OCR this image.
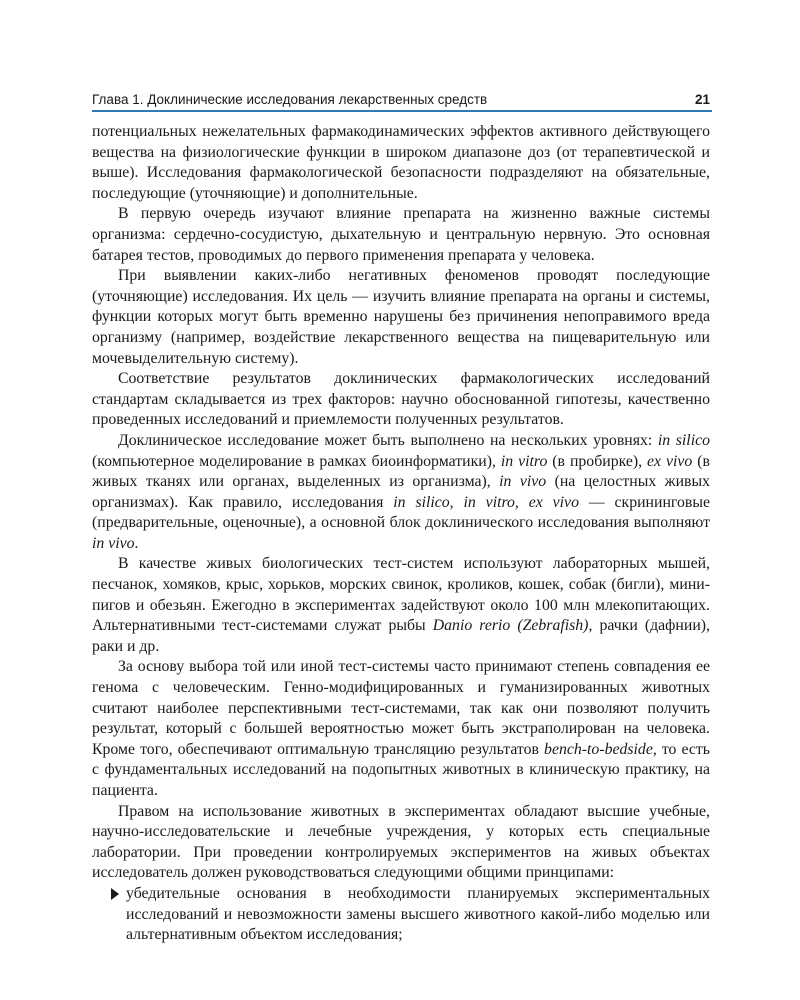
Глава 1. Доклинические исследования лекарственных средств	21

потенциальных нежелательных фармакодинамических эффектов активного действующего вещества на физиологические функции в широком диапазоне доз (от терапевтической и выше). Исследования фармакологической безопасности подразделяют на обязательные, последующие (уточняющие) и дополнительные.

В первую очередь изучают влияние препарата на жизненно важные системы организма: сердечно-сосудистую, дыхательную и центральную нервную. Это основная батарея тестов, проводимых до первого применения препарата у человека.

При выявлении каких-либо негативных феноменов проводят последующие (уточняющие) исследования. Их цель — изучить влияние препарата на органы и системы, функции которых могут быть временно нарушены без причинения непоправимого вреда организму (например, воздействие лекарственного вещества на пищеварительную или мочевыделительную систему).

Соответствие результатов доклинических фармакологических исследований стандартам складывается из трех факторов: научно обоснованной гипотезы, качественно проведенных исследований и приемлемости полученных результатов.

Доклиническое исследование может быть выполнено на нескольких уровнях: in silico (компьютерное моделирование в рамках биоинформатики), in vitro (в пробирке), ex vivo (в живых тканях или органах, выделенных из организма), in vivo (на целостных живых организмах). Как правило, исследования in silico, in vitro, ex vivo — скрининговые (предварительные, оценочные), а основной блок доклинического исследования выполняют in vivo.

В качестве живых биологических тест-систем используют лабораторных мышей, песчанок, хомяков, крыс, хорьков, морских свинок, кроликов, кошек, собак (бигли), мини-пигов и обезьян. Ежегодно в экспериментах задействуют около 100 млн млекопитающих. Альтернативными тест-системами служат рыбы Danio rerio (Zebrafish), рачки (дафнии), раки и др.

За основу выбора той или иной тест-системы часто принимают степень совпадения ее генома с человеческим. Генно-модифицированных и гуманизированных животных считают наиболее перспективными тест-системами, так как они позволяют получить результат, который с большей вероятностью может быть экстраполирован на человека. Кроме того, обеспечивают оптимальную трансляцию результатов bench-to-bedside, то есть с фундаментальных исследований на подопытных животных в клиническую практику, на пациента.

Правом на использование животных в экспериментах обладают высшие учебные, научно-исследовательские и лечебные учреждения, у которых есть специальные лаборатории. При проведении контролируемых экспериментов на живых объектах исследователь должен руководствоваться следующими общими принципами:

убедительные основания в необходимости планируемых экспериментальных исследований и невозможности замены высшего животного какой-либо моделью или альтернативным объектом исследования;
